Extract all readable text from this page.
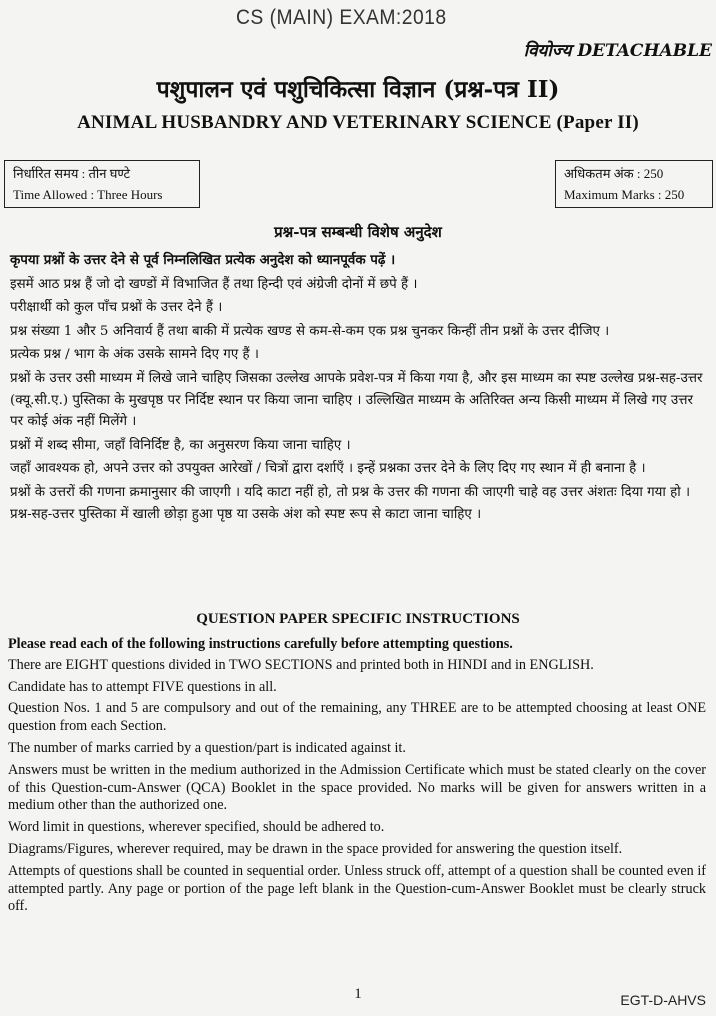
CS (MAIN) EXAM:2018
वियोज्य DETACHABLE
पशुपालन एवं पशुचिकित्सा विज्ञान (प्रश्न-पत्र II)
ANIMAL HUSBANDRY AND VETERINARY SCIENCE (Paper II)
निर्धारित समय : तीन घण्टे
Time Allowed : Three Hours
अधिकतम अंक : 250
Maximum Marks : 250
प्रश्न-पत्र सम्बन्धी विशेष अनुदेश

कृपया प्रश्नों के उत्तर देने से पूर्व निम्नलिखित प्रत्येक अनुदेश को ध्यानपूर्वक पढ़ें ।

इसमें आठ प्रश्न हैं जो दो खण्डों में विभाजित हैं तथा हिन्दी एवं अंग्रेजी दोनों में छपे हैं ।

परीक्षार्थी को कुल पाँच प्रश्नों के उत्तर देने हैं ।

प्रश्न संख्या 1 और 5 अनिवार्य हैं तथा बाकी में प्रत्येक खण्ड से कम-से-कम एक प्रश्न चुनकर किन्हीं तीन प्रश्नों के उत्तर दीजिए ।

प्रत्येक प्रश्न / भाग के अंक उसके सामने दिए गए हैं ।

प्रश्नों के उत्तर उसी माध्यम में लिखे जाने चाहिए जिसका उल्लेख आपके प्रवेश-पत्र में किया गया है, और इस माध्यम का स्पष्ट उल्लेख प्रश्न-सह-उत्तर (क्यू.सी.ए.) पुस्तिका के मुखपृष्ठ पर निर्दिष्ट स्थान पर किया जाना चाहिए । उल्लिखित माध्यम के अतिरिक्त अन्य किसी माध्यम में लिखे गए उत्तर पर कोई अंक नहीं मिलेंगे ।

प्रश्नों में शब्द सीमा, जहाँ विनिर्दिष्ट है, का अनुसरण किया जाना चाहिए ।

जहाँ आवश्यक हो, अपने उत्तर को उपयुक्त आरेखों / चित्रों द्वारा दर्शाएँ । इन्हें प्रश्नका उत्तर देने के लिए दिए गए स्थान में ही बनाना है ।

प्रश्नों के उत्तरों की गणना क्रमानुसार की जाएगी । यदि काटा नहीं हो, तो प्रश्न के उत्तर की गणना की जाएगी चाहे वह उत्तर अंशतः दिया गया हो । प्रश्न-सह-उत्तर पुस्तिका में खाली छोड़ा हुआ पृष्ठ या उसके अंश को स्पष्ट रूप से काटा जाना चाहिए ।

QUESTION PAPER SPECIFIC INSTRUCTIONS

Please read each of the following instructions carefully before attempting questions.

There are EIGHT questions divided in TWO SECTIONS and printed both in HINDI and in ENGLISH.

Candidate has to attempt FIVE questions in all.

Question Nos. 1 and 5 are compulsory and out of the remaining, any THREE are to be attempted choosing at least ONE question from each Section.

The number of marks carried by a question/part is indicated against it.

Answers must be written in the medium authorized in the Admission Certificate which must be stated clearly on the cover of this Question-cum-Answer (QCA) Booklet in the space provided. No marks will be given for answers written in a medium other than the authorized one.

Word limit in questions, wherever specified, should be adhered to.

Diagrams/Figures, wherever required, may be drawn in the space provided for answering the question itself.

Attempts of questions shall be counted in sequential order. Unless struck off, attempt of a question shall be counted even if attempted partly. Any page or portion of the page left blank in the Question-cum-Answer Booklet must be clearly struck off.

1	EGT-D-AHVS
